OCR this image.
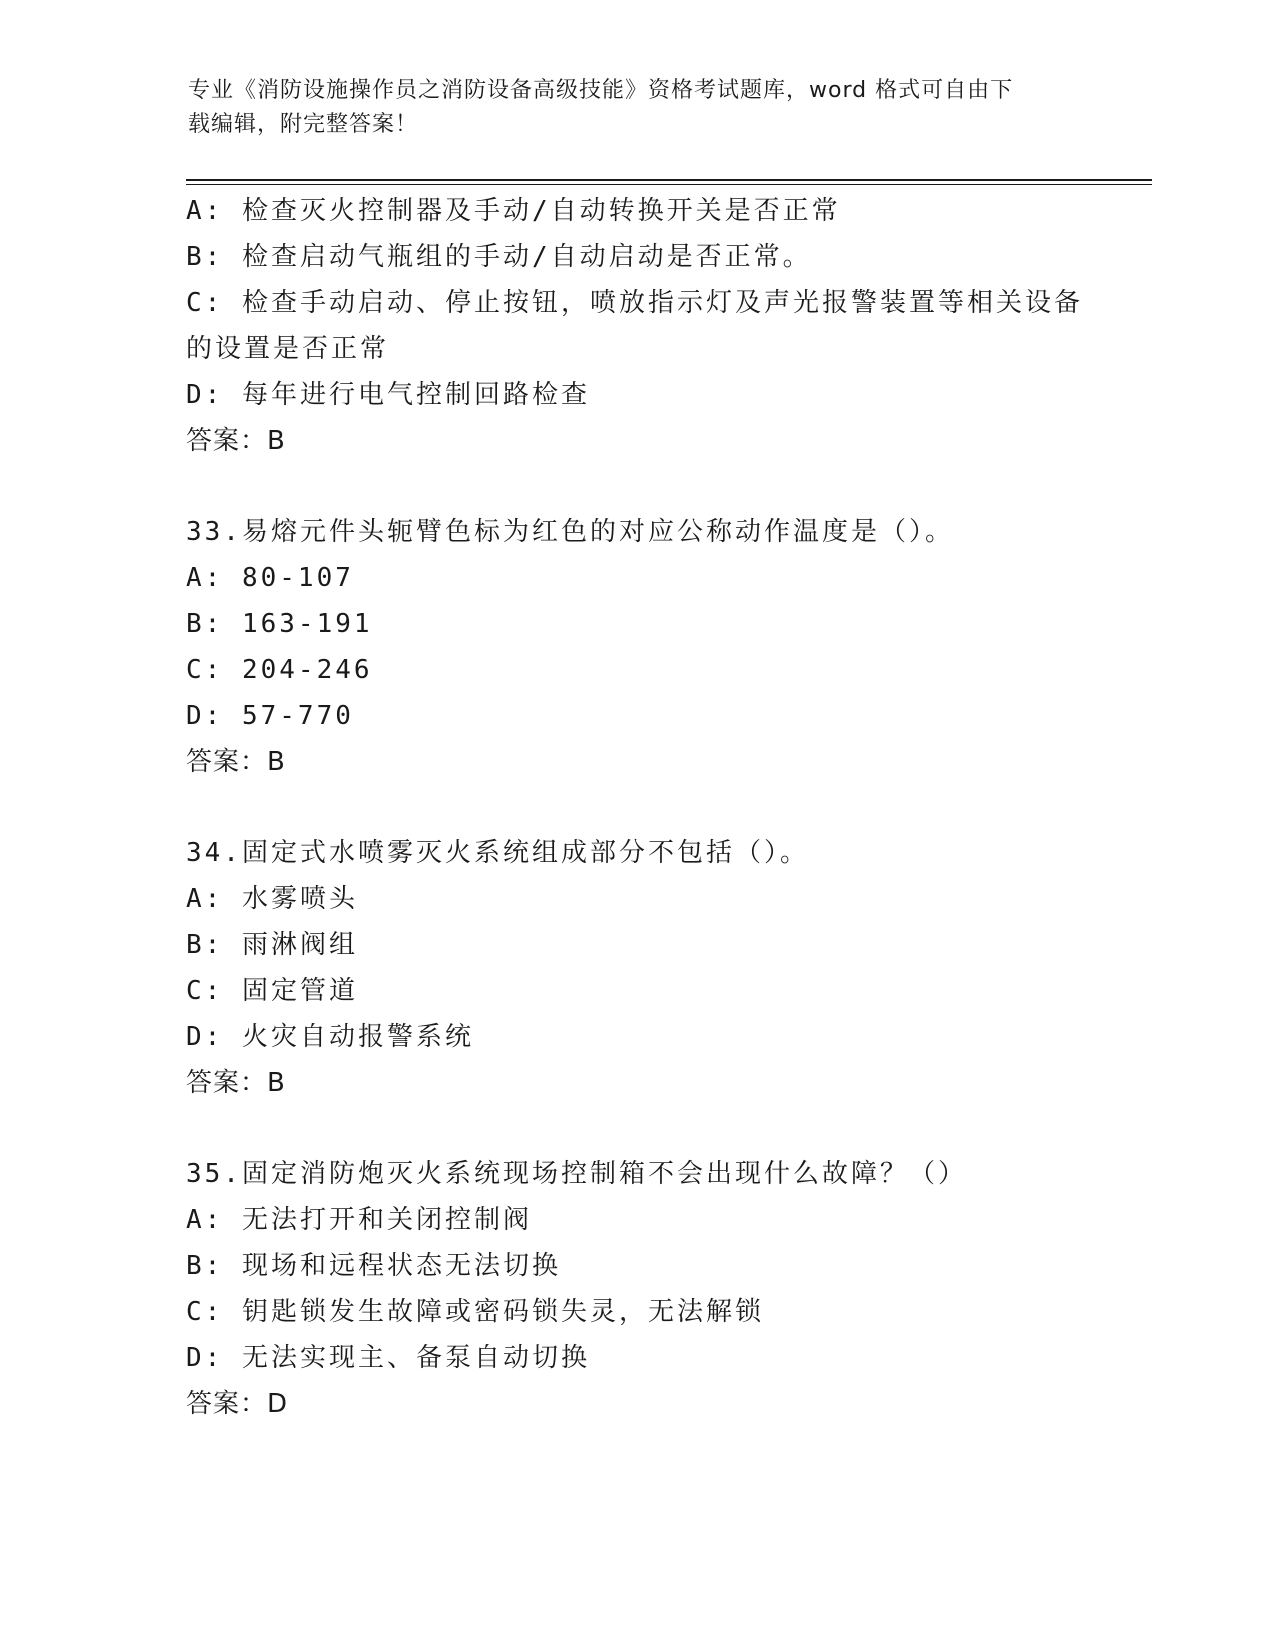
专业《消防设施操作员之消防设备高级技能》资格考试题库，word 格式可自由下
载编辑，附完整答案！
A: 检查灭火控制器及手动/自动转换开关是否正常
B: 检查启动气瓶组的手动/自动启动是否正常。
C: 检查手动启动、停止按钮，喷放指示灯及声光报警装置等相关设备
的设置是否正常
D: 每年进行电气控制回路检查
答案：B
33.易熔元件头轭臂色标为红色的对应公称动作温度是（）。
A: 80-107
B: 163-191
C: 204-246
D: 57-770
答案：B
34.固定式水喷雾灭火系统组成部分不包括（）。
A: 水雾喷头
B: 雨淋阀组
C: 固定管道
D: 火灾自动报警系统
答案：B
35.固定消防炮灭火系统现场控制箱不会出现什么故障？（）
A: 无法打开和关闭控制阀
B: 现场和远程状态无法切换
C: 钥匙锁发生故障或密码锁失灵，无法解锁
D: 无法实现主、备泵自动切换
答案：D
